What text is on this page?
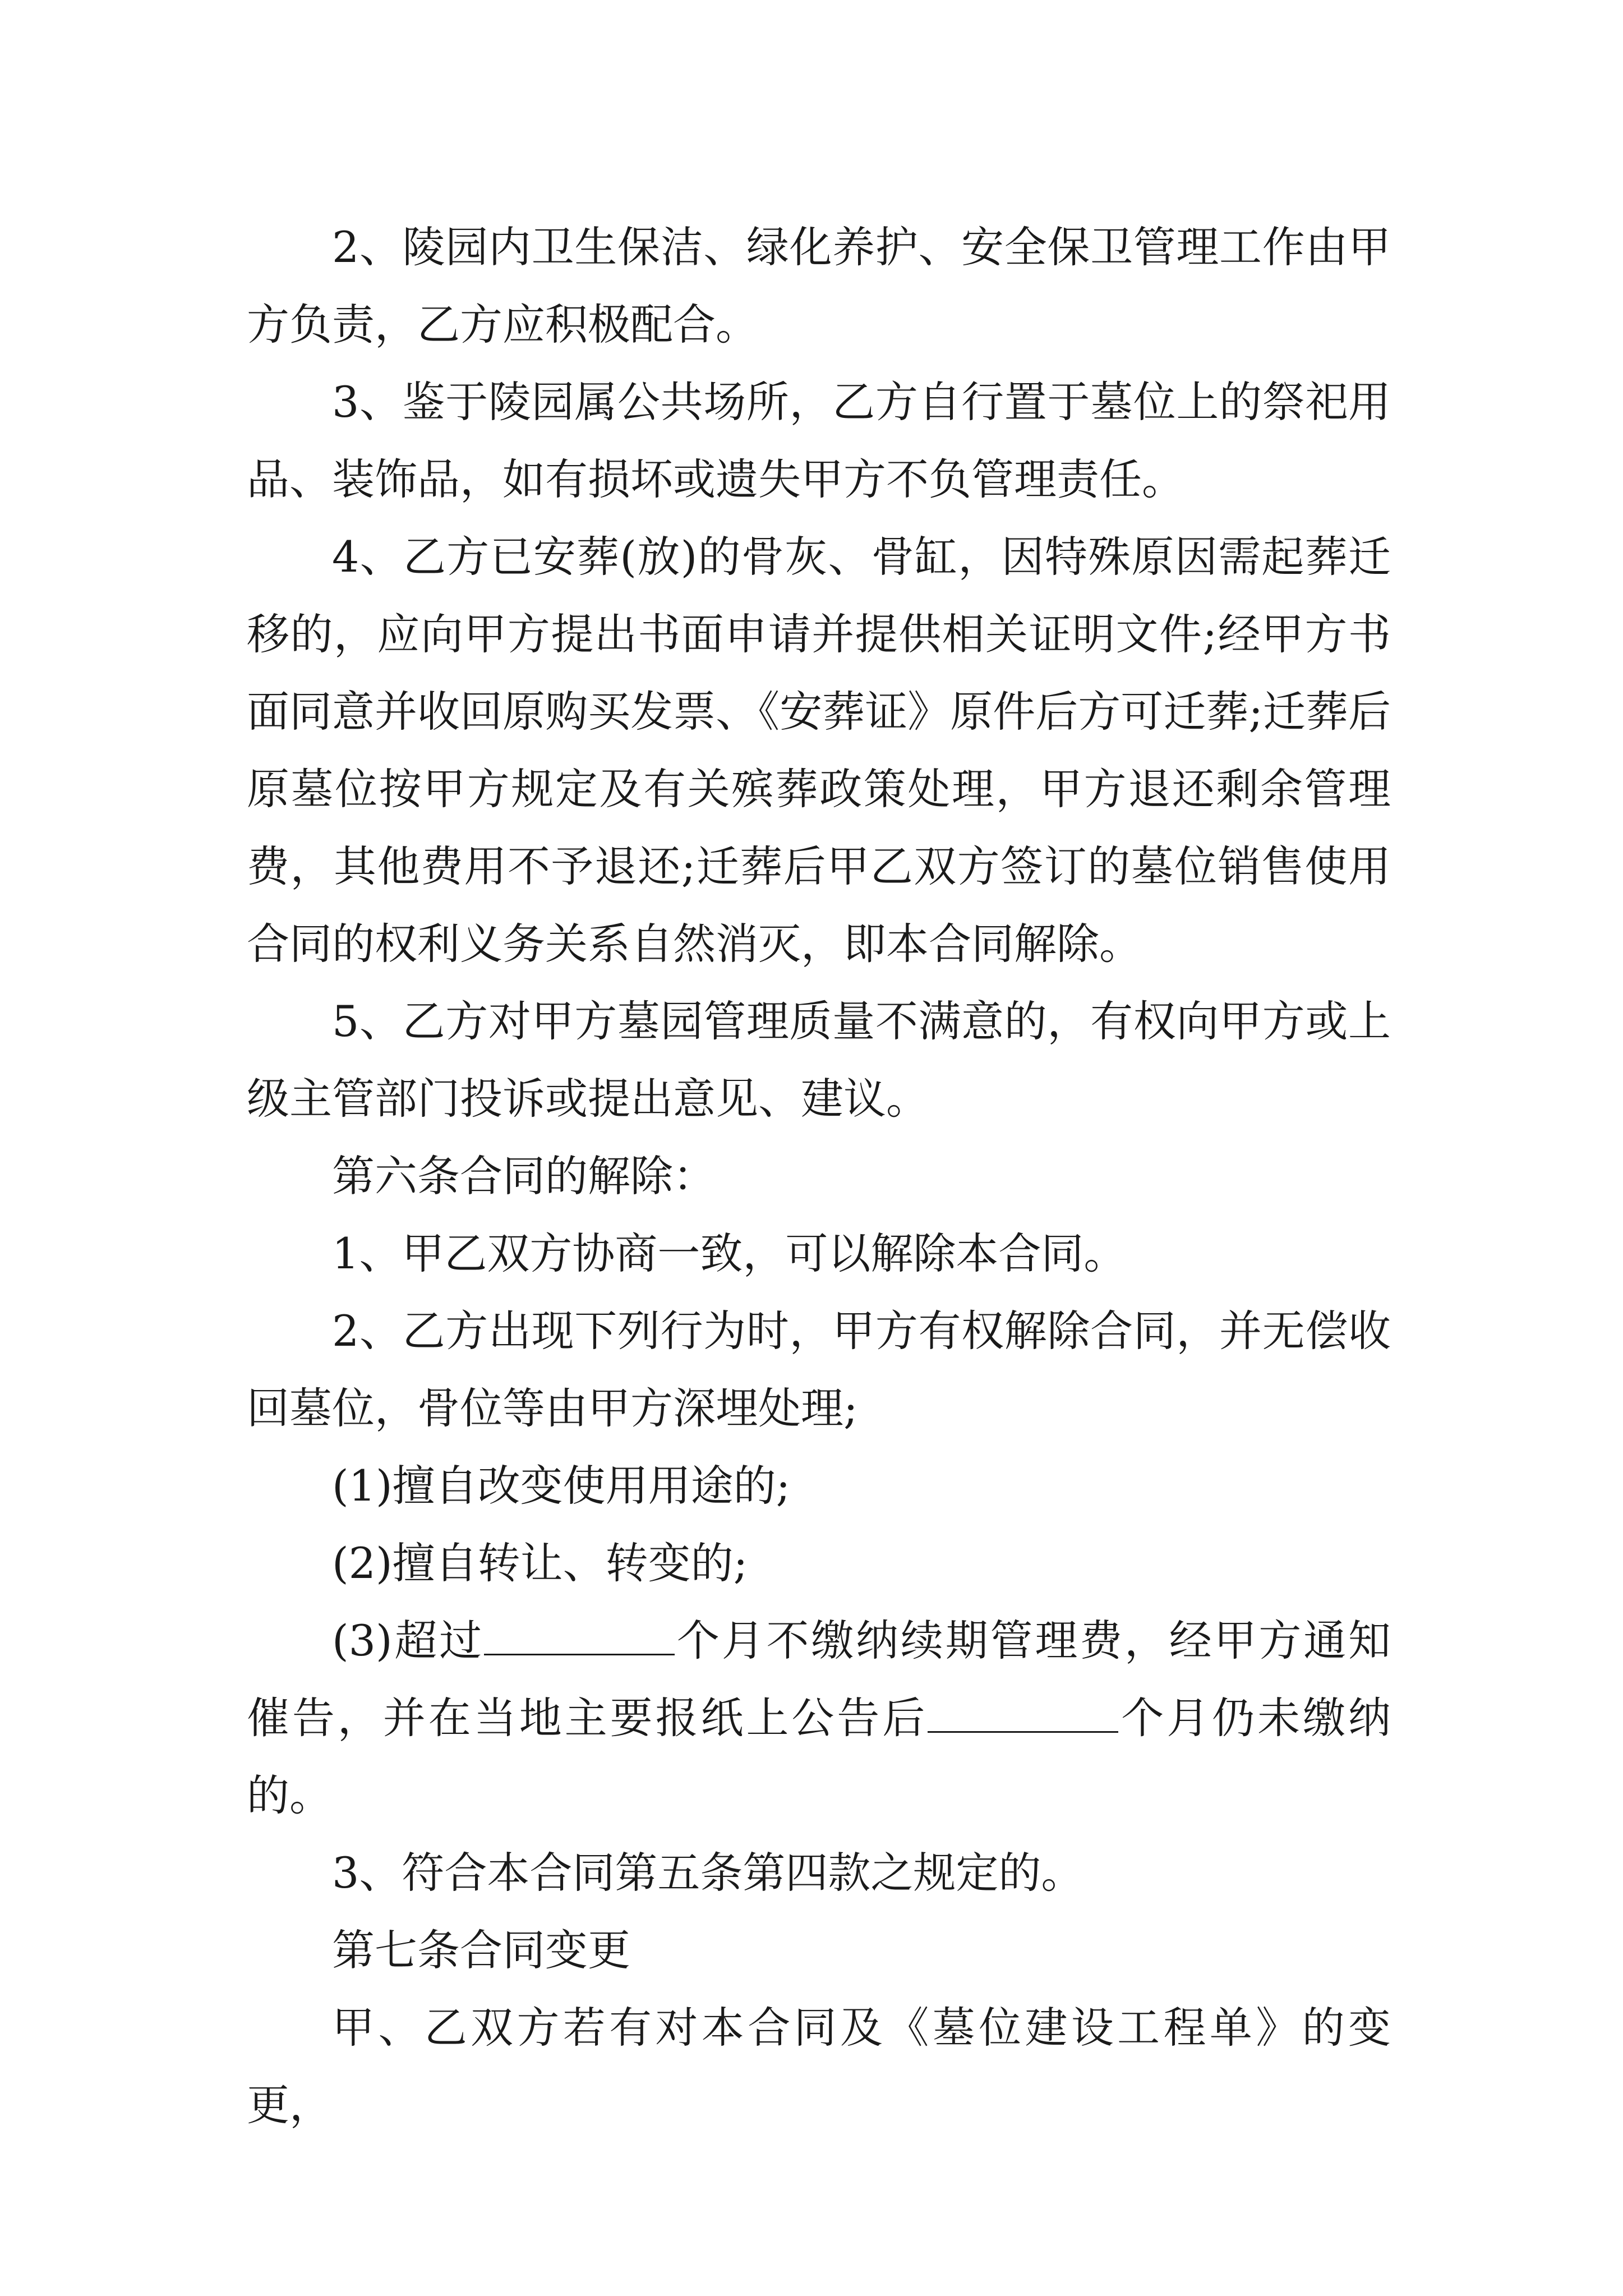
2、陵园内卫生保洁、绿化养护、安全保卫管理工作由甲方负责，乙方应积极配合。

3、鉴于陵园属公共场所，乙方自行置于墓位上的祭祀用品、装饰品，如有损坏或遗失甲方不负管理责任。

4、乙方已安葬(放)的骨灰、骨缸，因特殊原因需起葬迁移的，应向甲方提出书面申请并提供相关证明文件;经甲方书面同意并收回原购买发票、《安葬证》原件后方可迁葬;迁葬后原墓位按甲方规定及有关殡葬政策处理，甲方退还剩余管理费，其他费用不予退还;迁葬后甲乙双方签订的墓位销售使用合同的权利义务关系自然消灭，即本合同解除。

5、乙方对甲方墓园管理质量不满意的，有权向甲方或上级主管部门投诉或提出意见、建议。

第六条合同的解除：

1、甲乙双方协商一致，可以解除本合同。

2、乙方出现下列行为时，甲方有权解除合同，并无偿收回墓位，骨位等由甲方深埋处理;

(1)擅自改变使用用途的;

(2)擅自转让、转变的;

(3)超过	个月不缴纳续期管理费，经甲方通知催告，并在当地主要报纸上公告后	个月仍未缴纳的。

3、符合本合同第五条第四款之规定的。

第七条合同变更

甲、乙双方若有对本合同及《墓位建设工程单》的变更，
